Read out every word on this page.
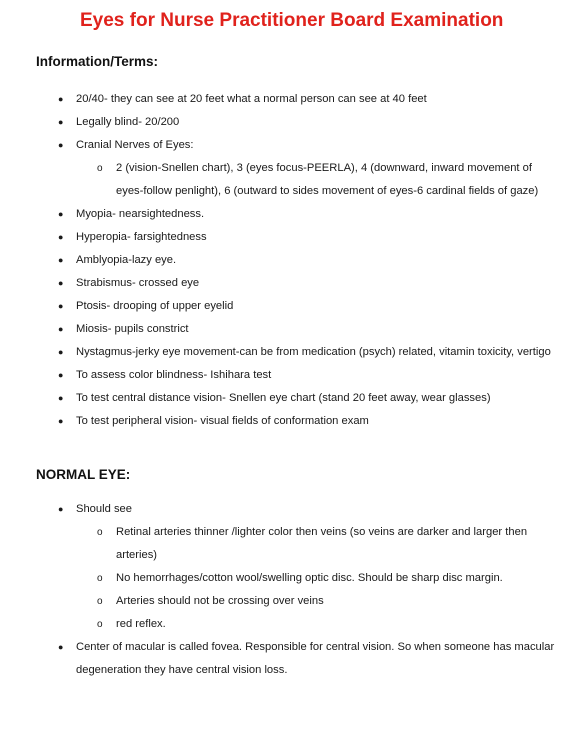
Eyes for Nurse Practitioner Board Examination
Information/Terms:
● 20/40- they can see at 20 feet what a normal person can see at 40 feet
● Legally blind- 20/200
● Cranial Nerves of Eyes:
o 2 (vision-Snellen chart), 3 (eyes focus-PEERLA), 4 (downward, inward movement of eyes-follow penlight), 6 (outward to sides movement of eyes-6 cardinal fields of gaze)
● Myopia- nearsightedness.
● Hyperopia- farsightedness
● Amblyopia-lazy eye.
● Strabismus- crossed eye
● Ptosis- drooping of upper eyelid
● Miosis- pupils constrict
● Nystagmus-jerky eye movement-can be from medication (psych) related, vitamin toxicity, vertigo
● To assess color blindness- Ishihara test
● To test central distance vision- Snellen eye chart (stand 20 feet away, wear glasses)
● To test peripheral vision- visual fields of conformation exam
NORMAL EYE:
● Should see
o Retinal arteries thinner /lighter color then veins (so veins are darker and larger then arteries)
o No hemorrhages/cotton wool/swelling optic disc. Should be sharp disc margin.
o Arteries should not be crossing over veins
o red reflex.
● Center of macular is called fovea. Responsible for central vision. So when someone has macular degeneration they have central vision loss.
